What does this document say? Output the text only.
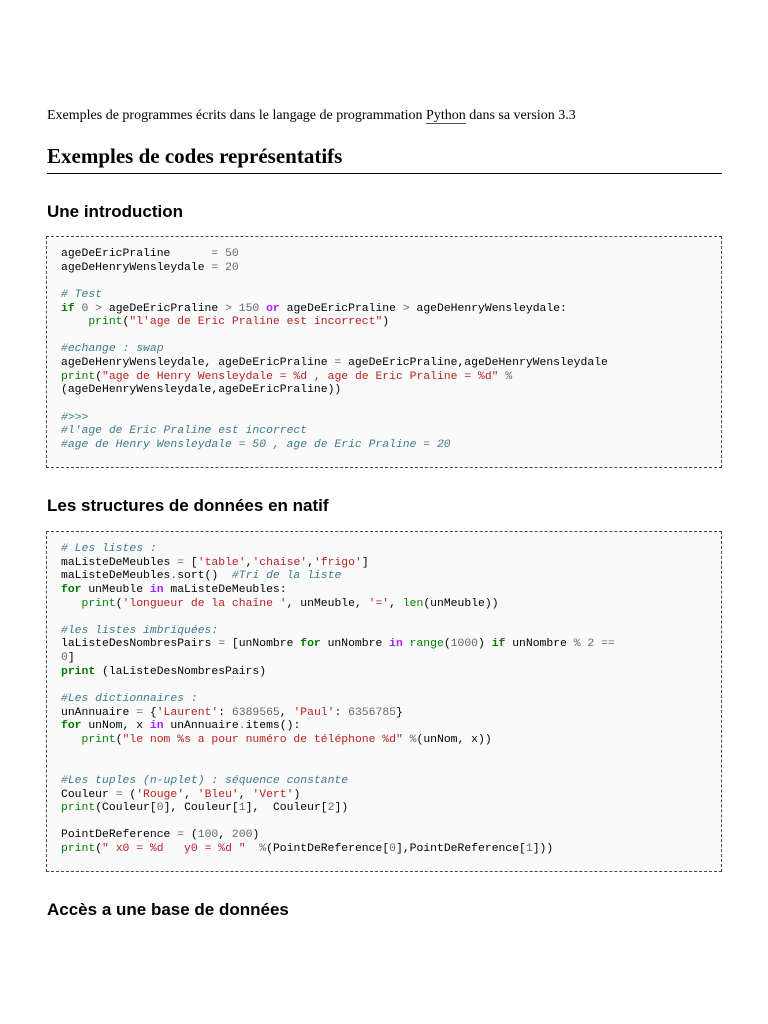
Exemples de programmes écrits dans le langage de programmation Python dans sa version 3.3
Exemples de codes représentatifs
Une introduction
ageDeEricPraline      = 50
ageDeHenryWensleydale = 20
# Test
if 0 > ageDeEricPraline > 150 or ageDeEricPraline > ageDeHenryWensleydale:
print("l'age de Eric Praline est incorrect")
#echange : swap
ageDeHenryWensleydale, ageDeEricPraline = ageDeEricPraline,ageDeHenryWensleydale
print("age de Henry Wensleydale = %d , age de Eric Praline = %d" %
(ageDeHenryWensleydale,ageDeEricPraline))
#>>>
#l'age de Eric Praline est incorrect
#age de Henry Wensleydale = 50 , age de Eric Praline = 20
Les structures de données en natif
# Les listes :
maListeDeMeubles = ['table','chaise','frigo']
maListeDeMeubles.sort()  #Tri de la liste
for unMeuble in maListeDeMeubles:
print('longueur de la chaîne ', unMeuble, '=', len(unMeuble))
#les listes imbriquées:
laListeDesNombresPairs = [unNombre for unNombre in range(1000) if unNombre % 2 ==
0]
print (laListeDesNombresPairs)
#Les dictionnaires :
unAnnuaire = {'Laurent': 6389565, 'Paul': 6356785}
for unNom, x in unAnnuaire.items():
print("le nom %s a pour numéro de téléphone %d" %(unNom, x))
#Les tuples (n-uplet) : séquence constante
Couleur = ('Rouge', 'Bleu', 'Vert')
print(Couleur[0], Couleur[1],  Couleur[2])
PointDeReference = (100, 200)
print(" x0 = %d   y0 = %d "  %(PointDeReference[0],PointDeReference[1]))
Accès a une base de données
